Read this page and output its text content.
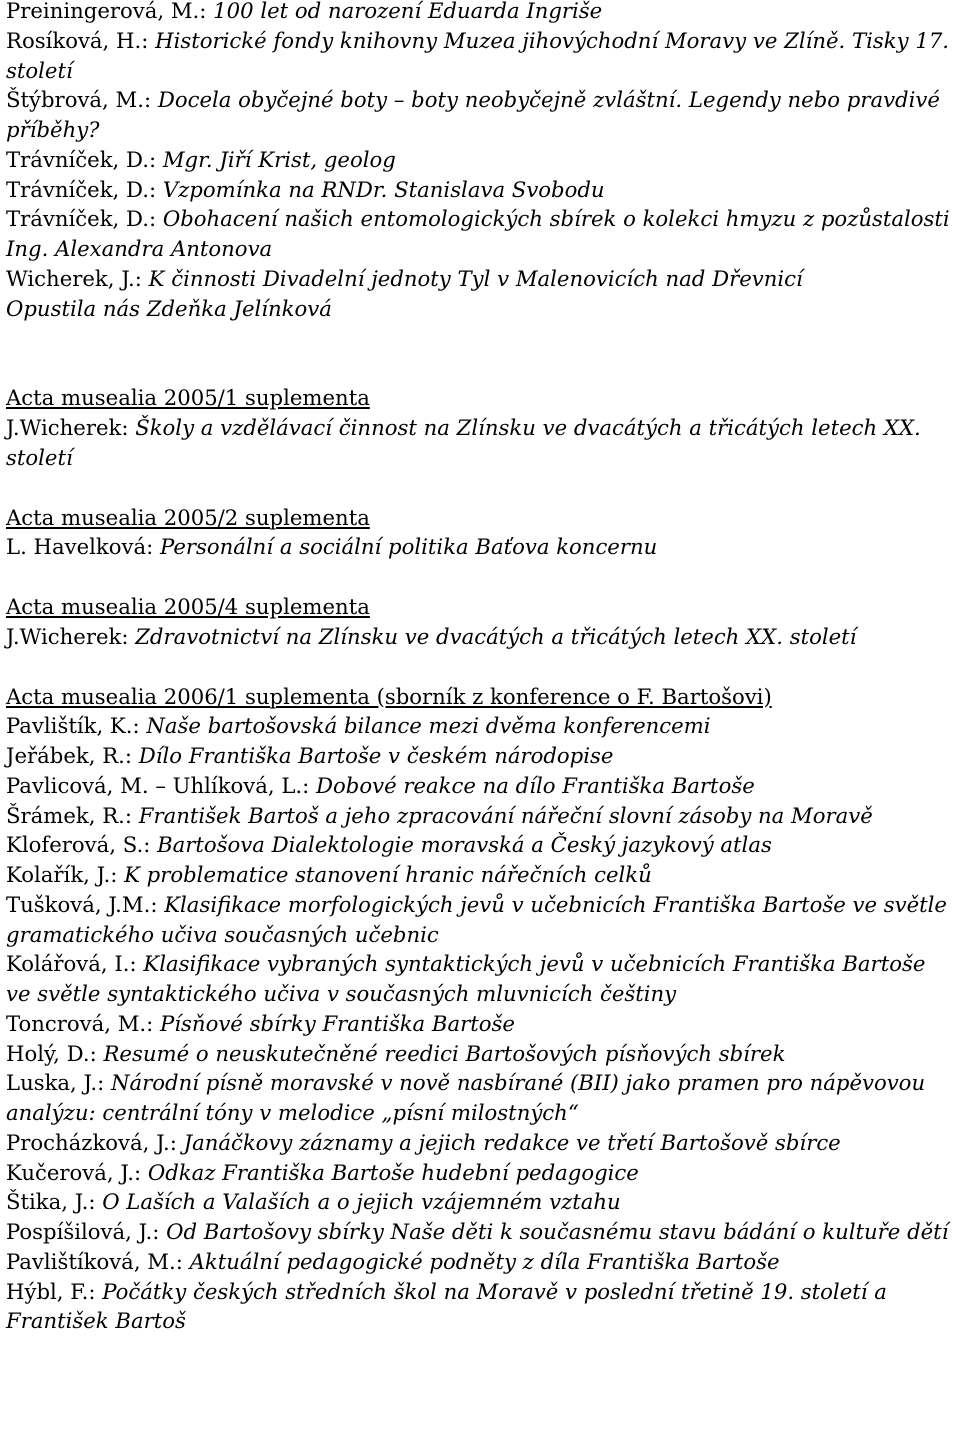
Preiningerová, M.: 100 let od narození Eduarda Ingriše

Rosíková, H.: Historické fondy knihovny Muzea jihovýchodní Moravy ve Zlíně. Tisky 17. století

Štýbrová, M.: Docela obyčejné boty – boty neobyčejně zvláštní. Legendy nebo pravdivé příběhy?

Trávníček, D.: Mgr. Jiří Krist, geolog

Trávníček, D.: Vzpomínka na RNDr. Stanislava Svobodu

Trávníček, D.: Obohacení našich entomologických sbírek o kolekci hmyzu z pozůstalosti Ing. Alexandra Antonova

Wicherek, J.: K činnosti Divadelní jednoty Tyl v Malenovicích nad Dřevnicí

Opustila nás Zdeňka Jelínková

Acta musealia 2005/1 suplementa

J.Wicherek: Školy a vzdělávací činnost na Zlínsku ve dvacátých a třicátých letech XX. století

Acta musealia 2005/2 suplementa

L. Havelková: Personální a sociální politika Baťova koncernu

Acta musealia 2005/4 suplementa

J.Wicherek: Zdravotnictví na Zlínsku ve dvacátých a třicátých letech XX. století

Acta musealia 2006/1 suplementa (sborník z konference o F. Bartošovi)

Pavlištík, K.: Naše bartošovská bilance mezi dvěma konferencemi

Jeřábek, R.: Dílo Františka Bartoše v českém národopise

Pavlicová, M. – Uhlíková, L.: Dobové reakce na dílo Františka Bartoše

Šrámek, R.: František Bartoš a jeho zpracování nářeční slovní zásoby na Moravě

Kloferová, S.: Bartošova Dialektologie moravská a Český jazykový atlas

Kolařík, J.: K problematice stanovení hranic nářečních celků

Tušková, J.M.: Klasifikace morfologických jevů v učebnicích Františka Bartoše ve světle gramatického učiva současných učebnic

Kolářová, I.: Klasifikace vybraných syntaktických jevů v učebnicích Františka Bartoše ve světle syntaktického učiva v současných mluvnicích češtiny

Toncrová, M.: Písňové sbírky Františka Bartoše

Holý, D.: Resumé o neuskutečněné reedici Bartošových písňových sbírek

Luska, J.: Národní písně moravské v nově nasbírané (BII) jako pramen pro nápěvovou analýzu: centrální tóny v melodice „písní milostných“

Procházková, J.: Janáčkovy záznamy a jejich redakce ve třetí Bartošově sbírce

Kučerová, J.: Odkaz Františka Bartoše hudební pedagogice

Štika, J.: O Laších a Valaších a o jejich vzájemném vztahu

Pospíšilová, J.: Od Bartošovy sbírky Naše děti k současnému stavu bádání o kultuře dětí

Pavlištíková, M.: Aktuální pedagogické podněty z díla Františka Bartoše

Hýbl, F.: Počátky českých středních škol na Moravě v poslední třetině 19. století a František Bartoš
